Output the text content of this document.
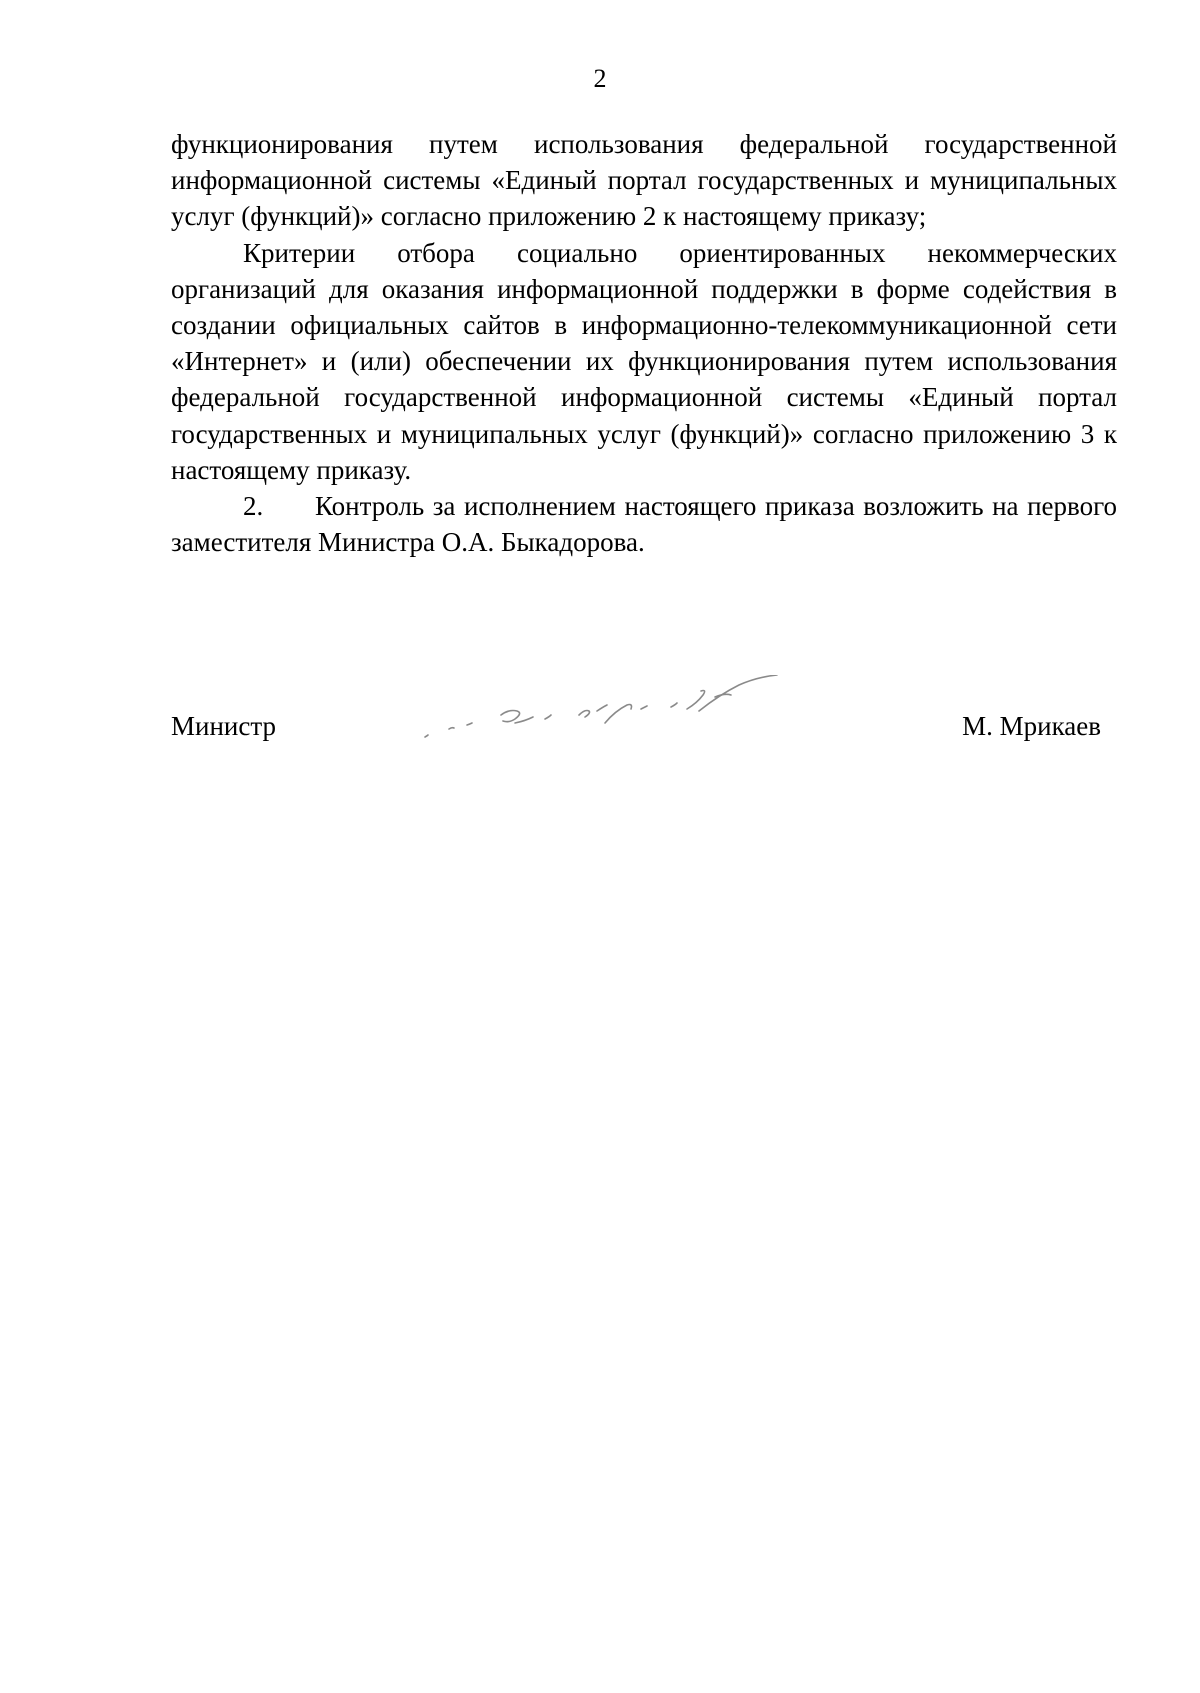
2

функционирования путем использования федеральной государственной информационной системы «Единый портал государственных и муниципальных услуг (функций)» согласно приложению 2 к настоящему приказу;

Критерии отбора социально ориентированных некоммерческих организаций для оказания информационной поддержки в форме содействия в создании официальных сайтов в информационно-телекоммуникационной сети «Интернет» и (или) обеспечении их функционирования путем использования федеральной государственной информационной системы «Единый портал государственных и муниципальных услуг (функций)» согласно приложению 3 к настоящему приказу.

2. Контроль за исполнением настоящего приказа возложить на первого заместителя Министра О.А. Быкадорова.

Министр	М. Мрикаев
